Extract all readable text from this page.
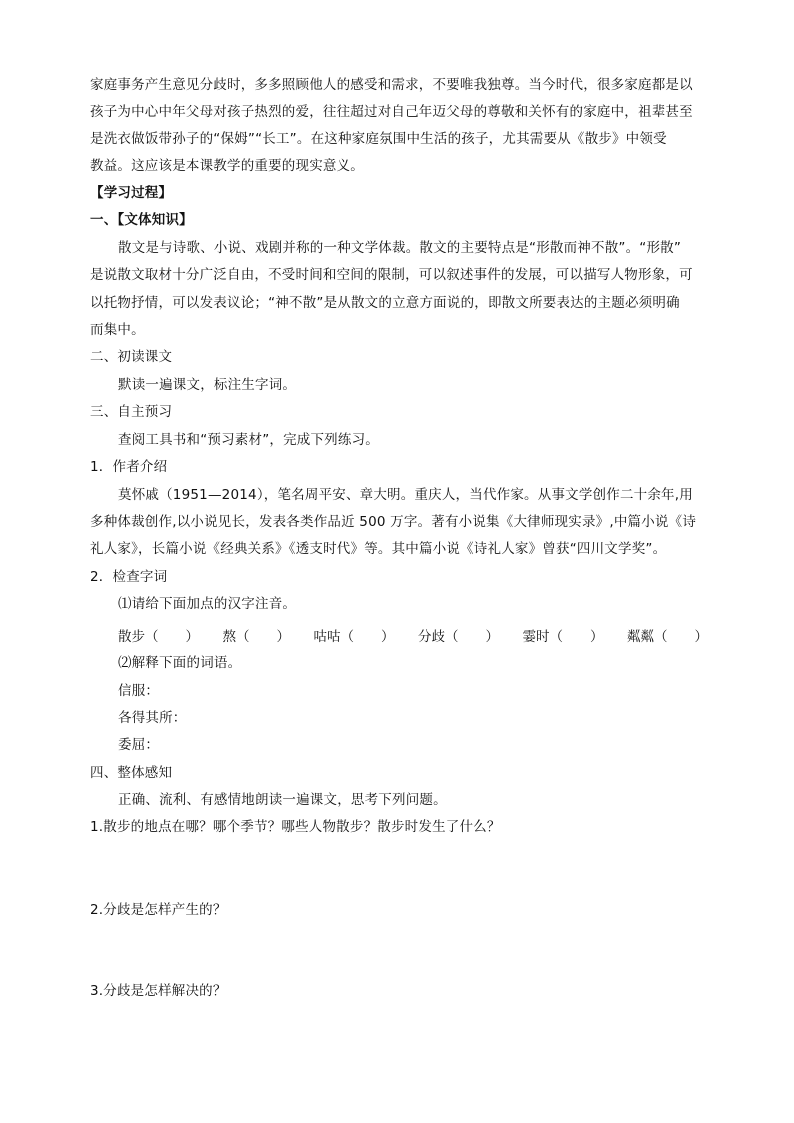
家庭事务产生意见分歧时，多多照顾他人的感受和需求，不要唯我独尊。当今时代，很多家庭都是以
孩子为中心中年父母对孩子热烈的爱，往往超过对自己年迈父母的尊敬和关怀有的家庭中，祖辈甚至
是洗衣做饭带孙子的“保姆”“长工”。在这种家庭氛围中生活的孩子，尤其需要从《散步》中领受
教益。这应该是本课教学的重要的现实意义。
【学习过程】
一、【文体知识】
散文是与诗歌、小说、戏剧并称的一种文学体裁。散文的主要特点是“形散而神不散”。“形散”
是说散文取材十分广泛自由，不受时间和空间的限制，可以叙述事件的发展，可以描写人物形象，可
以托物抒情，可以发表议论；“神不散”是从散文的立意方面说的，即散文所要表达的主题必须明确
而集中。
二、初读课文
默读一遍课文，标注生字词。
三、自主预习
查阅工具书和“预习素材”，完成下列练习。
1．作者介绍
莫怀戚（1951—2014），笔名周平安、章大明。重庆人，当代作家。从事文学创作二十余年,用
多种体裁创作,以小说见长，发表各类作品近 500 万字。著有小说集《大律师现实录》,中篇小说《诗
礼人家》，长篇小说《经典关系》《透支时代》等。其中篇小说《诗礼人家》曾获“四川文学奖”。
2．检查字词
⑴请给下面加点的汉字注音。
散步（　　） 熬（　　） 咕咕（　　） 分歧（　　） 霎时（　　） 粼粼（　　）
⑵解释下面的词语。
信服：
各得其所：
委屈：
四、整体感知
正确、流利、有感情地朗读一遍课文，思考下列问题。
1.散步的地点在哪？哪个季节？哪些人物散步？散步时发生了什么？
2.分歧是怎样产生的？
3.分歧是怎样解决的？
